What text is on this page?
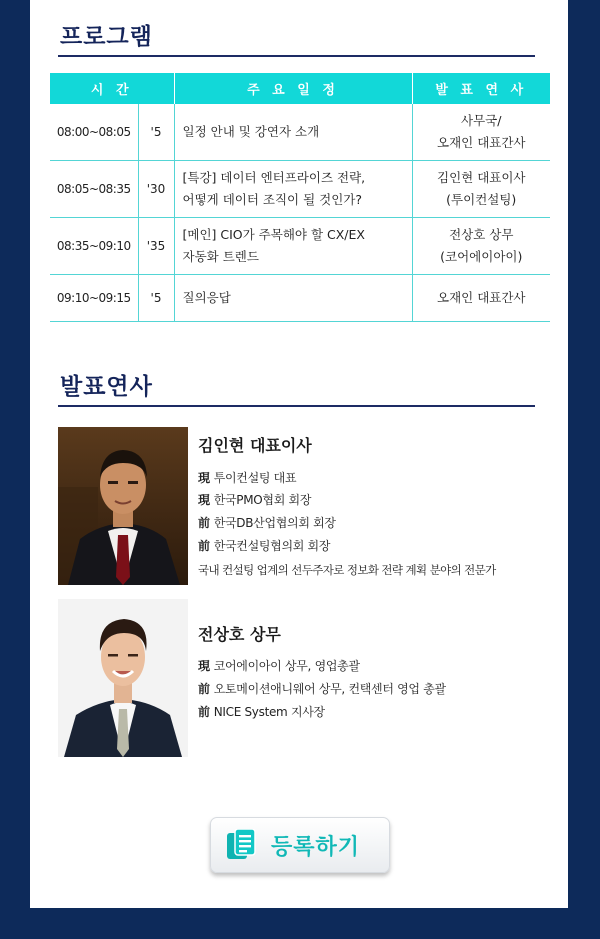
프로그램
시 간		주 요 일 정	발 표 연 사
08:00~08:05	'5	일정 안내 및 강연자 소개	사무국/
오재인 대표간사

08:05~08:35	'30	[특강] 데이터 엔터프라이즈 전략,
어떻게 데이터 조직이 될 것인가?	김인현 대표이사
(투이컨설팅)

08:35~09:10	'35	[메인] CIO가 주목해야 할 CX/EX
자동화 트렌드	전상호 상무
(코어에이아이)

09:10~09:15	'5	질의응답	오재인 대표간사
발표연사
김인현 대표이사
現 투이컨설팅 대표
現 한국PMO협회 회장
前 한국DB산업협의회 회장
前 한국컨설팅협의회 회장
국내 컨설팅 업계의 선두주자로 정보화 전략 계획 분야의 전문가
전상호 상무
現 코어에이아이 상무, 영업총괄
前 오토메이션애니웨어 상무, 컨택센터 영업 총괄
前 NICE System 지사장
등록하기
